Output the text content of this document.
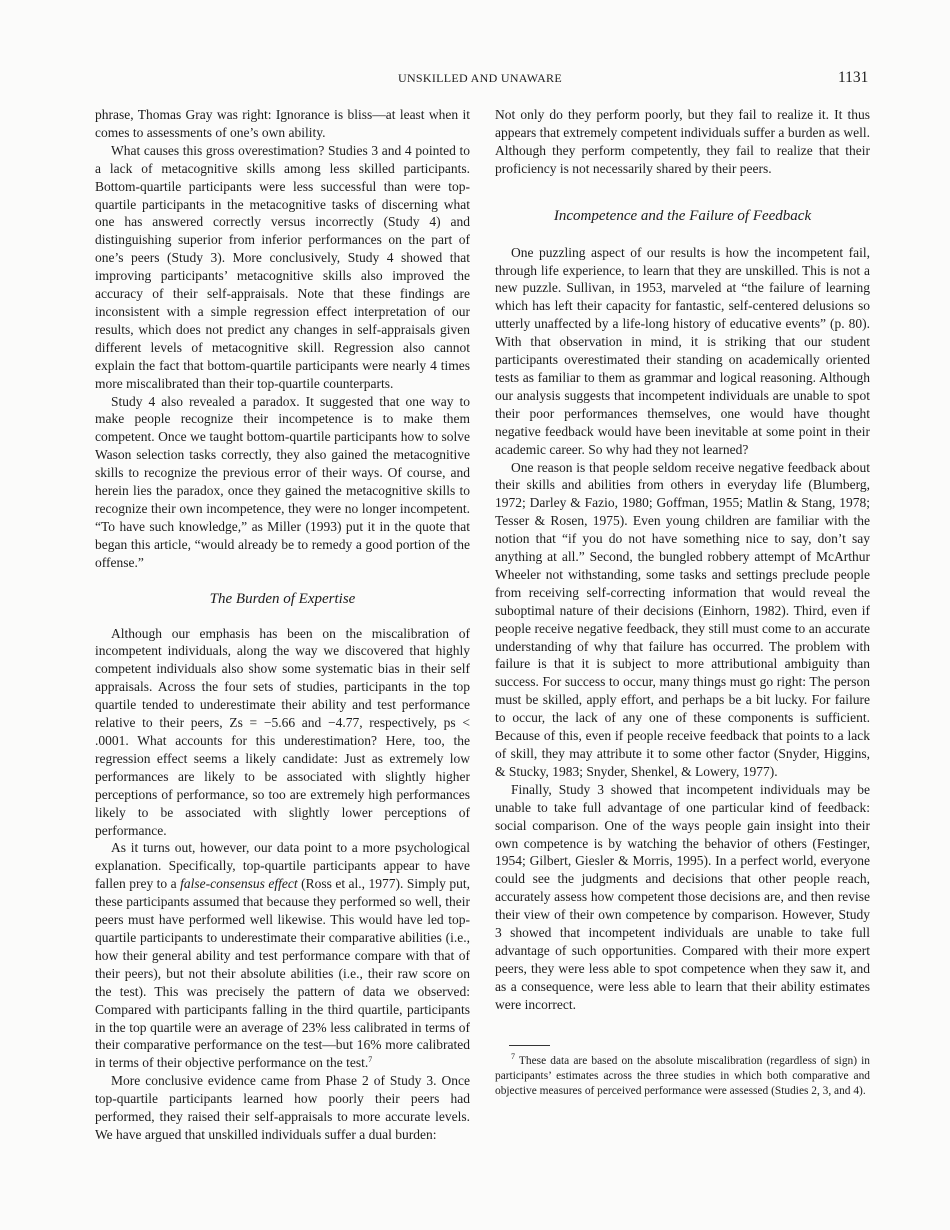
UNSKILLED AND UNAWARE	1131

phrase, Thomas Gray was right: Ignorance is bliss—at least when it comes to assessments of one’s own ability.

What causes this gross overestimation? Studies 3 and 4 pointed to a lack of metacognitive skills among less skilled participants. Bottom-quartile participants were less successful than were top-quartile participants in the metacognitive tasks of discerning what one has answered correctly versus incorrectly (Study 4) and distinguishing superior from inferior performances on the part of one’s peers (Study 3). More conclusively, Study 4 showed that improving participants’ metacognitive skills also improved the accuracy of their self-appraisals. Note that these findings are inconsistent with a simple regression effect interpretation of our results, which does not predict any changes in self-appraisals given different levels of metacognitive skill. Regression also cannot explain the fact that bottom-quartile participants were nearly 4 times more miscalibrated than their top-quartile counterparts.

Study 4 also revealed a paradox. It suggested that one way to make people recognize their incompetence is to make them competent. Once we taught bottom-quartile participants how to solve Wason selection tasks correctly, they also gained the metacognitive skills to recognize the previous error of their ways. Of course, and herein lies the paradox, once they gained the metacognitive skills to recognize their own incompetence, they were no longer incompetent. “To have such knowledge,” as Miller (1993) put it in the quote that began this article, “would already be to remedy a good portion of the offense.”

The Burden of Expertise

Although our emphasis has been on the miscalibration of incompetent individuals, along the way we discovered that highly competent individuals also show some systematic bias in their self appraisals. Across the four sets of studies, participants in the top quartile tended to underestimate their ability and test performance relative to their peers, Zs = −5.66 and −4.77, respectively, ps < .0001. What accounts for this underestimation? Here, too, the regression effect seems a likely candidate: Just as extremely low performances are likely to be associated with slightly higher perceptions of performance, so too are extremely high performances likely to be associated with slightly lower perceptions of performance.

As it turns out, however, our data point to a more psychological explanation. Specifically, top-quartile participants appear to have fallen prey to a false-consensus effect (Ross et al., 1977). Simply put, these participants assumed that because they performed so well, their peers must have performed well likewise. This would have led top-quartile participants to underestimate their comparative abilities (i.e., how their general ability and test performance compare with that of their peers), but not their absolute abilities (i.e., their raw score on the test). This was precisely the pattern of data we observed: Compared with participants falling in the third quartile, participants in the top quartile were an average of 23% less calibrated in terms of their comparative performance on the test—but 16% more calibrated in terms of their objective performance on the test.$^7$

More conclusive evidence came from Phase 2 of Study 3. Once top-quartile participants learned how poorly their peers had performed, they raised their self-appraisals to more accurate levels. We have argued that unskilled individuals suffer a dual burden:

Not only do they perform poorly, but they fail to realize it. It thus appears that extremely competent individuals suffer a burden as well. Although they perform competently, they fail to realize that their proficiency is not necessarily shared by their peers.

Incompetence and the Failure of Feedback

One puzzling aspect of our results is how the incompetent fail, through life experience, to learn that they are unskilled. This is not a new puzzle. Sullivan, in 1953, marveled at “the failure of learning which has left their capacity for fantastic, self-centered delusions so utterly unaffected by a life-long history of educative events” (p. 80). With that observation in mind, it is striking that our student participants overestimated their standing on academically oriented tests as familiar to them as grammar and logical reasoning. Although our analysis suggests that incompetent individuals are unable to spot their poor performances themselves, one would have thought negative feedback would have been inevitable at some point in their academic career. So why had they not learned?

One reason is that people seldom receive negative feedback about their skills and abilities from others in everyday life (Blumberg, 1972; Darley & Fazio, 1980; Goffman, 1955; Matlin & Stang, 1978; Tesser & Rosen, 1975). Even young children are familiar with the notion that “if you do not have something nice to say, don’t say anything at all.” Second, the bungled robbery attempt of McArthur Wheeler not withstanding, some tasks and settings preclude people from receiving self-correcting information that would reveal the suboptimal nature of their decisions (Einhorn, 1982). Third, even if people receive negative feedback, they still must come to an accurate understanding of why that failure has occurred. The problem with failure is that it is subject to more attributional ambiguity than success. For success to occur, many things must go right: The person must be skilled, apply effort, and perhaps be a bit lucky. For failure to occur, the lack of any one of these components is sufficient. Because of this, even if people receive feedback that points to a lack of skill, they may attribute it to some other factor (Snyder, Higgins, & Stucky, 1983; Snyder, Shenkel, & Lowery, 1977).

Finally, Study 3 showed that incompetent individuals may be unable to take full advantage of one particular kind of feedback: social comparison. One of the ways people gain insight into their own competence is by watching the behavior of others (Festinger, 1954; Gilbert, Giesler & Morris, 1995). In a perfect world, everyone could see the judgments and decisions that other people reach, accurately assess how competent those decisions are, and then revise their view of their own competence by comparison. However, Study 3 showed that incompetent individuals are unable to take full advantage of such opportunities. Compared with their more expert peers, they were less able to spot competence when they saw it, and as a consequence, were less able to learn that their ability estimates were incorrect.

$^7$ These data are based on the absolute miscalibration (regardless of sign) in participants’ estimates across the three studies in which both comparative and objective measures of perceived performance were assessed (Studies 2, 3, and 4).
